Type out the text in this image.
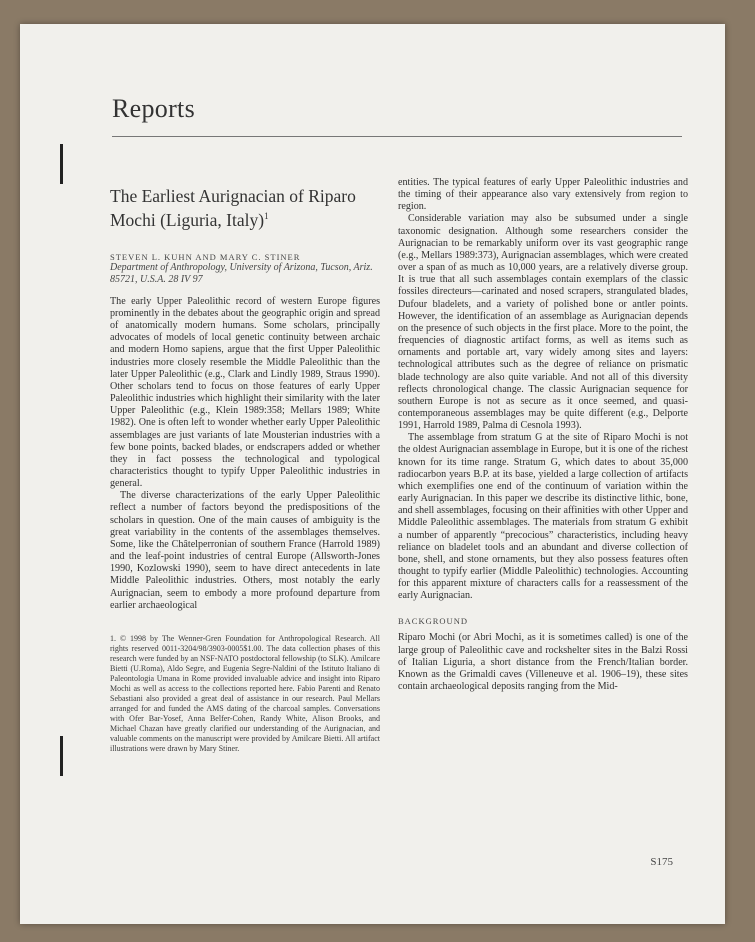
Reports
The Earliest Aurignacian of Riparo Mochi (Liguria, Italy)$^1$

STEVEN L. KUHN AND MARY C. STINER

Department of Anthropology, University of Arizona, Tucson, Ariz. 85721, U.S.A. 28 IV 97

The early Upper Paleolithic record of western Europe figures prominently in the debates about the geographic origin and spread of anatomically modern humans. Some scholars, principally advocates of models of local genetic continuity between archaic and modern Homo sapiens, argue that the first Upper Paleolithic industries more closely resemble the Middle Paleolithic than the later Upper Paleolithic (e.g., Clark and Lindly 1989, Straus 1990). Other scholars tend to focus on those features of early Upper Paleolithic industries which highlight their similarity with the later Upper Paleolithic (e.g., Klein 1989:358; Mellars 1989; White 1982). One is often left to wonder whether early Upper Paleolithic assemblages are just variants of late Mousterian industries with a few bone points, backed blades, or endscrapers added or whether they in fact possess the technological and typological characteristics thought to typify Upper Paleolithic industries in general.

The diverse characterizations of the early Upper Paleolithic reflect a number of factors beyond the predispositions of the scholars in question. One of the main causes of ambiguity is the great variability in the contents of the assemblages themselves. Some, like the Châtelperronian of southern France (Harrold 1989) and the leaf-point industries of central Europe (Allsworth-Jones 1990, Kozlowski 1990), seem to have direct antecedents in late Middle Paleolithic industries. Others, most notably the early Aurignacian, seem to embody a more profound departure from earlier archaeological

1. © 1998 by The Wenner-Gren Foundation for Anthropological Research. All rights reserved 0011-3204/98/3903-0005$1.00. The data collection phases of this research were funded by an NSF-NATO postdoctoral fellowship (to SLK). Amilcare Bietti (U.Roma), Aldo Segre, and Eugenia Segre-Naldini of the Istituto Italiano di Paleontologia Umana in Rome provided invaluable advice and insight into Riparo Mochi as well as access to the collections reported here. Fabio Parenti and Renato Sebastiani also provided a great deal of assistance in our research. Paul Mellars arranged for and funded the AMS dating of the charcoal samples. Conversations with Ofer Bar-Yosef, Anna Belfer-Cohen, Randy White, Alison Brooks, and Michael Chazan have greatly clarified our understanding of the Aurignacian, and valuable comments on the manuscript were provided by Amilcare Bietti. All artifact illustrations were drawn by Mary Stiner.

entities. The typical features of early Upper Paleolithic industries and the timing of their appearance also vary extensively from region to region.

Considerable variation may also be subsumed under a single taxonomic designation. Although some researchers consider the Aurignacian to be remarkably uniform over its vast geographic range (e.g., Mellars 1989:373), Aurignacian assemblages, which were created over a span of as much as 10,000 years, are a relatively diverse group. It is true that all such assemblages contain exemplars of the classic fossiles directeurs—carinated and nosed scrapers, strangulated blades, Dufour bladelets, and a variety of polished bone or antler points. However, the identification of an assemblage as Aurignacian depends on the presence of such objects in the first place. More to the point, the frequencies of diagnostic artifact forms, as well as items such as ornaments and portable art, vary widely among sites and layers: technological attributes such as the degree of reliance on prismatic blade technology are also quite variable. And not all of this diversity reflects chronological change. The classic Aurignacian sequence for southern Europe is not as secure as it once seemed, and quasi-contemporaneous assemblages may be quite different (e.g., Delporte 1991, Harrold 1989, Palma di Cesnola 1993).

The assemblage from stratum G at the site of Riparo Mochi is not the oldest Aurignacian assemblage in Europe, but it is one of the richest known for its time range. Stratum G, which dates to about 35,000 radiocarbon years B.P. at its base, yielded a large collection of artifacts which exemplifies one end of the continuum of variation within the early Aurignacian. In this paper we describe its distinctive lithic, bone, and shell assemblages, focusing on their affinities with other Upper and Middle Paleolithic assemblages. The materials from stratum G exhibit a number of apparently “precocious” characteristics, including heavy reliance on bladelet tools and an abundant and diverse collection of bone, shell, and stone ornaments, but they also possess features often thought to typify earlier (Middle Paleolithic) technologies. Accounting for this apparent mixture of characters calls for a reassessment of the early Aurignacian.

BACKGROUND

Riparo Mochi (or Abri Mochi, as it is sometimes called) is one of the large group of Paleolithic cave and rockshelter sites in the Balzi Rossi of Italian Liguria, a short distance from the French/Italian border. Known as the Grimaldi caves (Villeneuve et al. 1906–19), these sites contain archaeological deposits ranging from the Mid-

S175
